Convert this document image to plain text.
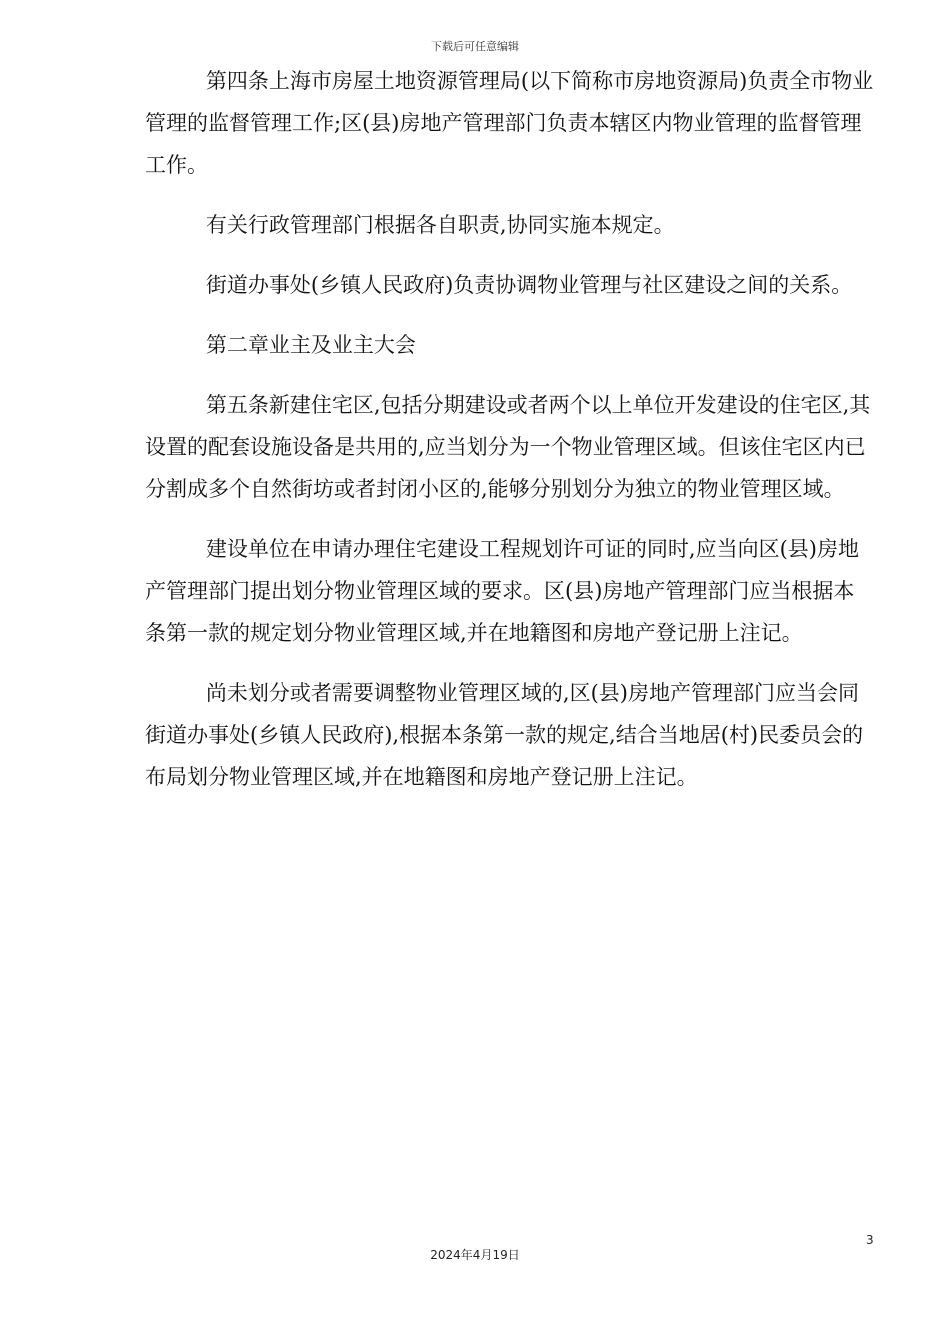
下载后可任意编辑

第四条上海市房屋土地资源管理局(以下简称市房地资源局)负责全市物业管理的监督管理工作;区(县)房地产管理部门负责本辖区内物业管理的监督管理工作。

有关行政管理部门根据各自职责,协同实施本规定。

街道办事处(乡镇人民政府)负责协调物业管理与社区建设之间的关系。

第二章业主及业主大会

第五条新建住宅区,包括分期建设或者两个以上单位开发建设的住宅区,其设置的配套设施设备是共用的,应当划分为一个物业管理区域。但该住宅区内已分割成多个自然街坊或者封闭小区的,能够分别划分为独立的物业管理区域。

建设单位在申请办理住宅建设工程规划许可证的同时,应当向区(县)房地产管理部门提出划分物业管理区域的要求。区(县)房地产管理部门应当根据本条第一款的规定划分物业管理区域,并在地籍图和房地产登记册上注记。

尚未划分或者需要调整物业管理区域的,区(县)房地产管理部门应当会同街道办事处(乡镇人民政府),根据本条第一款的规定,结合当地居(村)民委员会的布局划分物业管理区域,并在地籍图和房地产登记册上注记。

3
2024年4月19日
